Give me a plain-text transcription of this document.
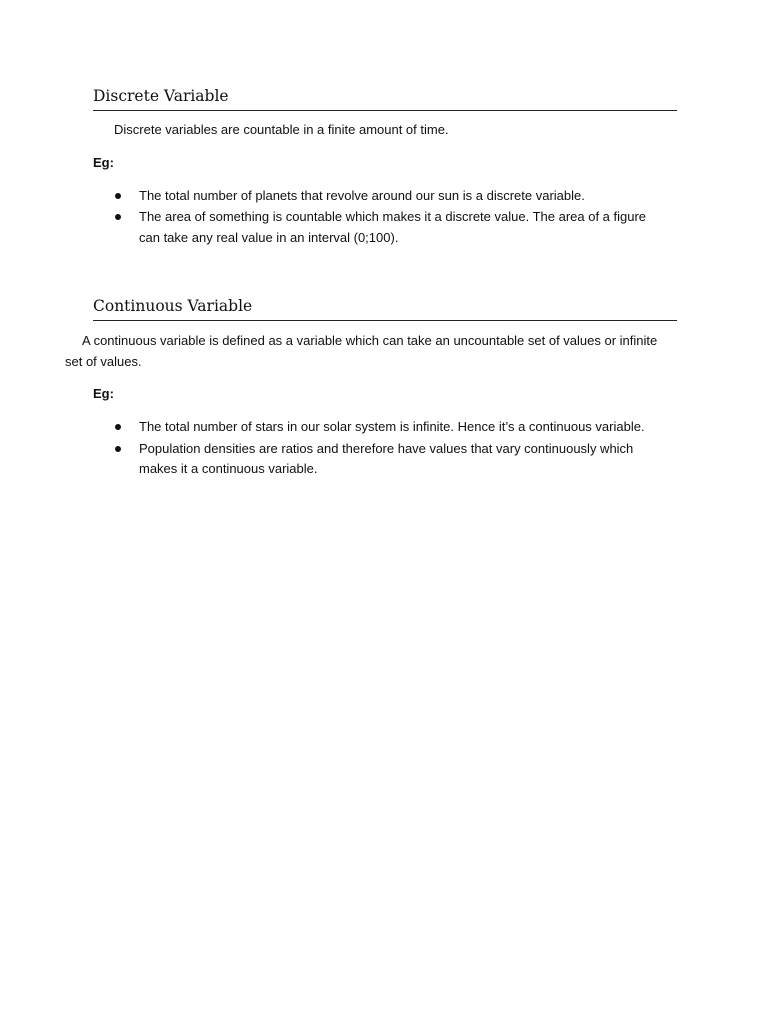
Discrete Variable

Discrete variables are countable in a finite amount of time.

Eg:

The total number of planets that revolve around our sun is a discrete variable.
The area of something is countable which makes it a discrete value. The area of a figure can take any real value in an interval (0;100).
Continuous Variable

A continuous variable is defined as a variable which can take an uncountable set of values or infinite set of values.

Eg:

The total number of stars in our solar system is infinite. Hence it’s a continuous variable.
Population densities are ratios and therefore have values that vary continuously which makes it a continuous variable.
